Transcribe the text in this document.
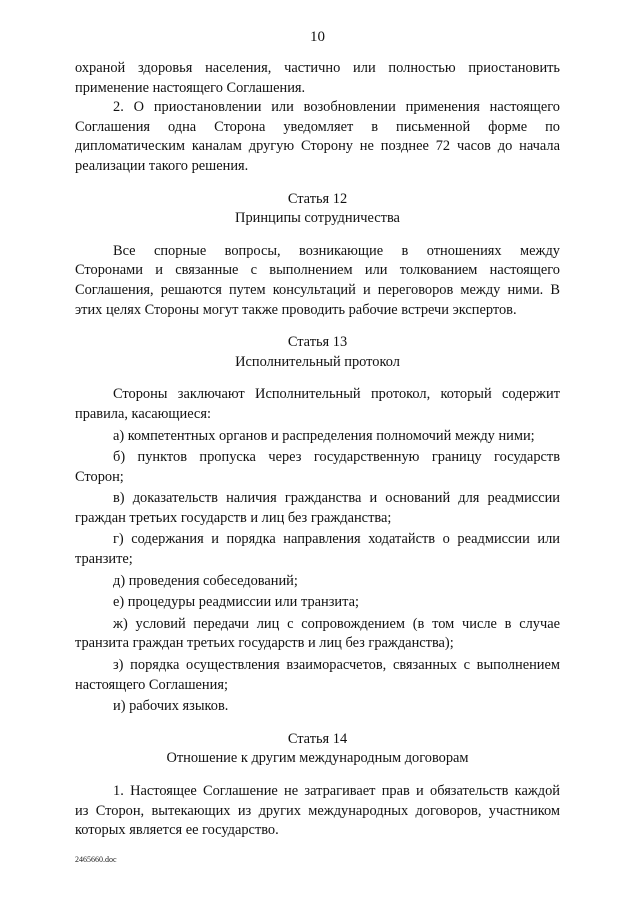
10

охраной здоровья населения, частично или полностью приостановить

применение настоящего Соглашения.

2. О приостановлении или возобновлении применения настоящего

Соглашения одна Сторона уведомляет в письменной форме по

дипломатическим каналам другую Сторону не позднее 72 часов до начала

реализации такого решения.

Статья 12
Принципы сотрудничества

Все спорные вопросы, возникающие в отношениях между

Сторонами и связанные с выполнением или толкованием настоящего

Соглашения, решаются путем консультаций и переговоров между ними. В

этих целях Стороны могут также проводить рабочие встречи экспертов.

Статья 13
Исполнительный протокол

Стороны заключают Исполнительный протокол, который содержит

правила, касающиеся:

а) компетентных органов и распределения полномочий между ними;

б) пунктов пропуска через государственную границу государств

Сторон;

в) доказательств наличия гражданства и оснований для реадмиссии

граждан третьих государств и лиц без гражданства;

г) содержания и порядка направления ходатайств о реадмиссии или

транзите;

д) проведения собеседований;

е) процедуры реадмиссии или транзита;

ж) условий передачи лиц с сопровождением (в том числе в случае

транзита граждан третьих государств и лиц без гражданства);

з) порядка осуществления взаиморасчетов, связанных с выполнением

настоящего Соглашения;

и) рабочих языков.

Статья 14
Отношение к другим международным договорам

1. Настоящее Соглашение не затрагивает прав и обязательств каждой

из Сторон, вытекающих из других международных договоров, участником

которых является ее государство.

2465660.doc
